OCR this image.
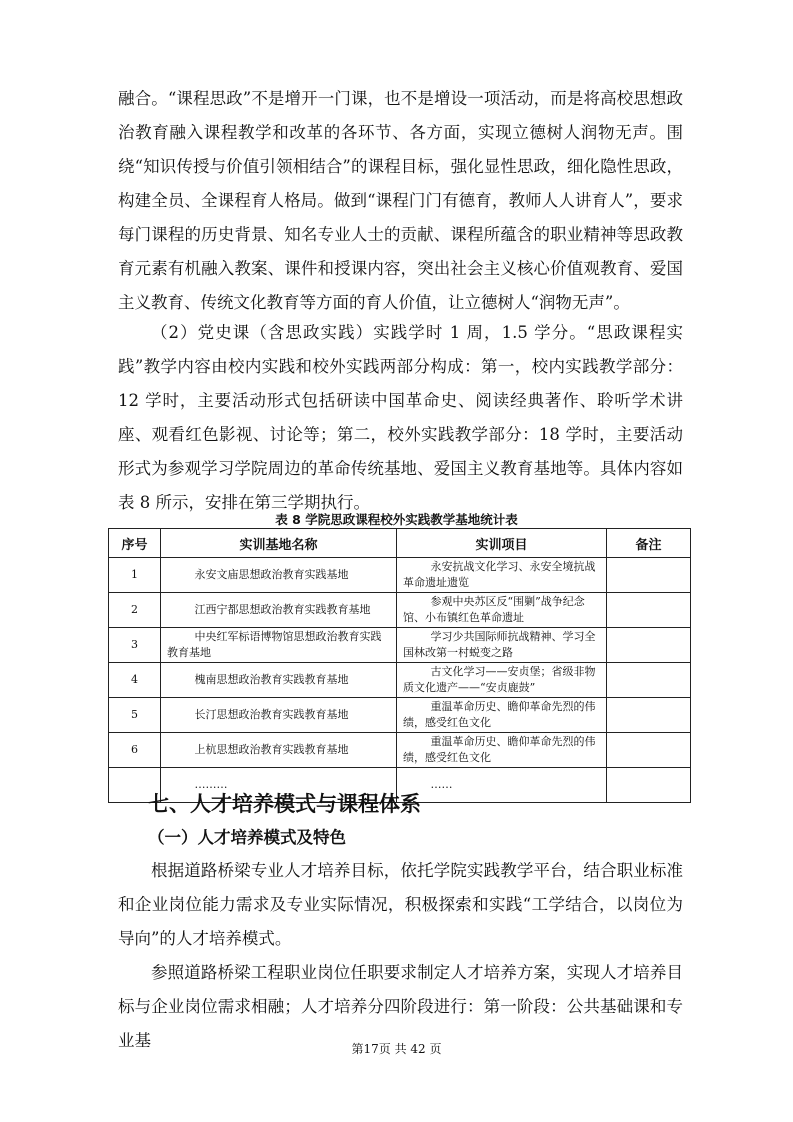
融合。“课程思政”不是增开一门课，也不是增设一项活动，而是将高校思想政治教育融入课程教学和改革的各环节、各方面，实现立德树人润物无声。围绕“知识传授与价值引领相结合”的课程目标，强化显性思政，细化隐性思政，构建全员、全课程育人格局。做到“课程门门有德育，教师人人讲育人”，要求每门课程的历史背景、知名专业人士的贡献、课程所蕴含的职业精神等思政教育元素有机融入教案、课件和授课内容，突出社会主义核心价值观教育、爱国主义教育、传统文化教育等方面的育人价值，让立德树人“润物无声”。

（2）党史课（含思政实践）实践学时 1 周，1.5 学分。“思政课程实践”教学内容由校内实践和校外实践两部分构成：第一，校内实践教学部分：12 学时，主要活动形式包括研读中国革命史、阅读经典著作、聆听学术讲座、观看红色影视、讨论等；第二，校外实践教学部分：18 学时，主要活动形式为参观学习学院周边的革命传统基地、爱国主义教育基地等。具体内容如表 8 所示，安排在第三学期执行。

表 8 学院思政课程校外实践教学基地统计表
序号	实训基地名称	实训项目	备注
1	永安文庙思想政治教育实践基地	永安抗战文化学习、永安全境抗战革命遗址遗览	
2	江西宁都思想政治教育实践教育基地	参观中央苏区反“围剿”战争纪念馆、小布镇红色革命遗址	
3	中央红军标语博物馆思想政治教育实践教育基地	学习少共国际师抗战精神、学习全国林改第一村蜕变之路	
4	槐南思想政治教育实践教育基地	古文化学习——安贞堡；省级非物质文化遗产——“安贞鹿鼓”	
5	长汀思想政治教育实践教育基地	重温革命历史、瞻仰革命先烈的伟绩，感受红色文化	
6	上杭思想政治教育实践教育基地	重温革命历史、瞻仰革命先烈的伟绩，感受红色文化	
	………	……	
七、人才培养模式与课程体系
（一）人才培养模式及特色

根据道路桥梁专业人才培养目标，依托学院实践教学平台，结合职业标准和企业岗位能力需求及专业实际情况，积极探索和实践“工学结合，以岗位为导向”的人才培养模式。

参照道路桥梁工程职业岗位任职要求制定人才培养方案，实现人才培养目标与企业岗位需求相融；人才培养分四阶段进行：第一阶段：公共基础课和专业基	第17页 共 42 页
